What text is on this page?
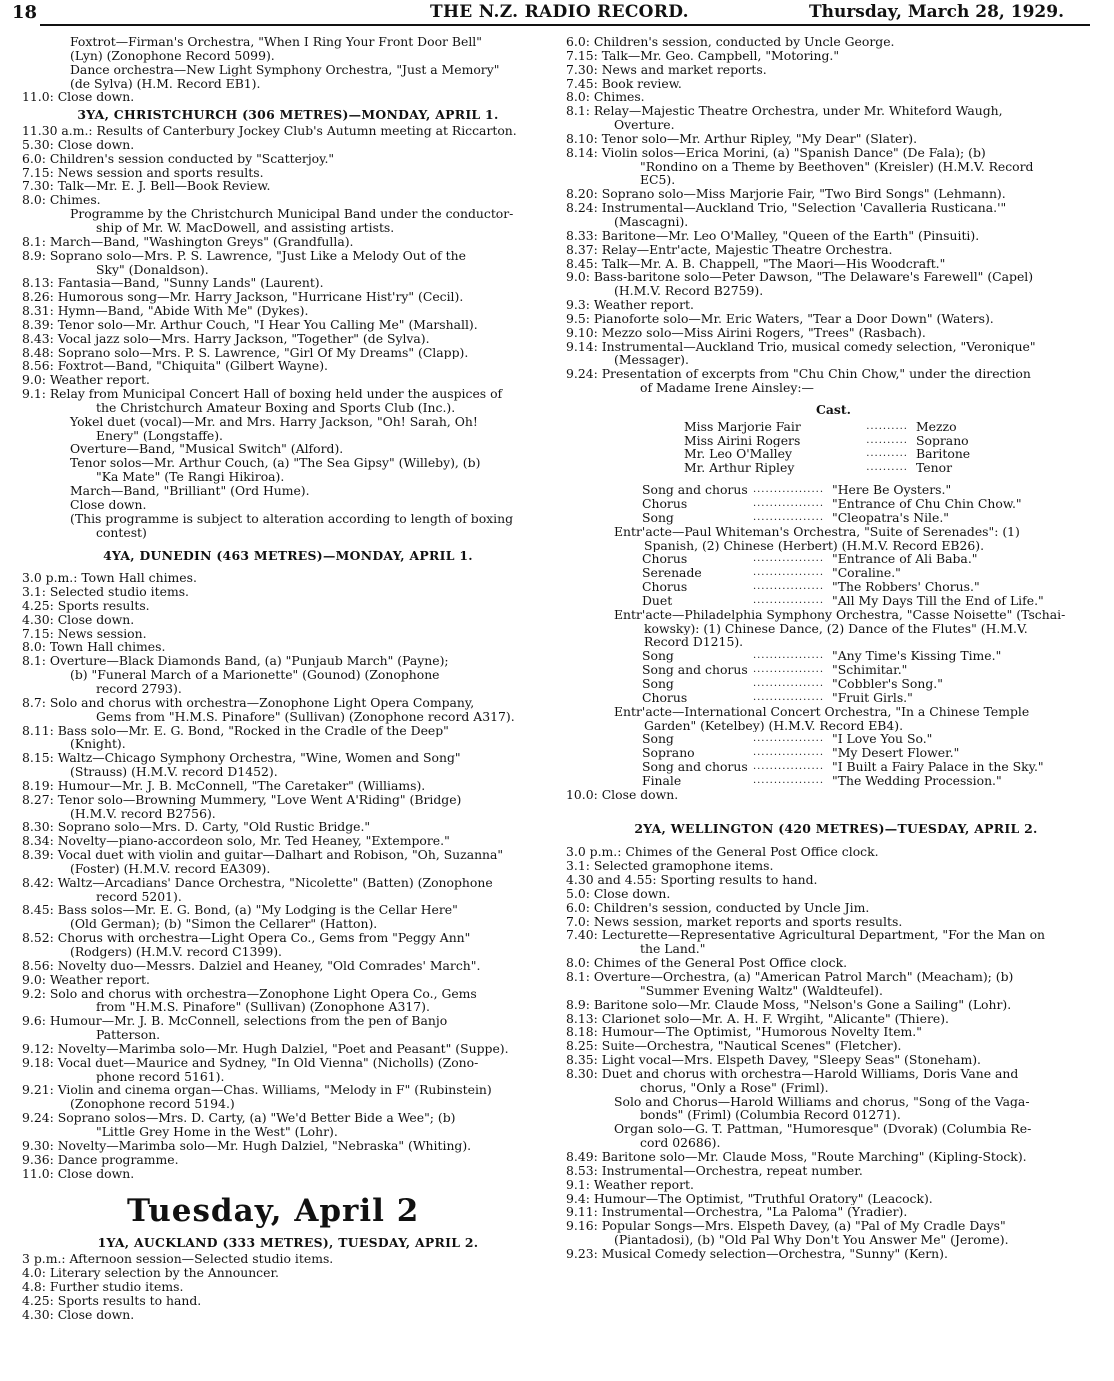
18	THE N.Z. RADIO RECORD.	Thursday, March 28, 1929.
Foxtrot—Firman's Orchestra, "When I Ring Your Front Door Bell"
(Lyn) (Zonophone Record 5099).
Dance orchestra—New Light Symphony Orchestra, "Just a Memory"
(de Sylva) (H.M. Record EB1).
11.0: Close down.
3YA, CHRISTCHURCH (306 METRES)—MONDAY, APRIL 1.
11.30 a.m.: Results of Canterbury Jockey Club's Autumn meeting at Riccarton.
5.30: Close down.
6.0: Children's session conducted by "Scatterjoy."
7.15: News session and sports results.
7.30: Talk—Mr. E. J. Bell—Book Review.
8.0: Chimes.
Programme by the Christchurch Municipal Band under the conductor-
ship of Mr. W. MacDowell, and assisting artists.
8.1: March—Band, "Washington Greys" (Grandfulla).
8.9: Soprano solo—Mrs. P. S. Lawrence, "Just Like a Melody Out of the
Sky" (Donaldson).
8.13: Fantasia—Band, "Sunny Lands" (Laurent).
8.26: Humorous song—Mr. Harry Jackson, "Hurricane Hist'ry" (Cecil).
8.31: Hymn—Band, "Abide With Me" (Dykes).
8.39: Tenor solo—Mr. Arthur Couch, "I Hear You Calling Me" (Marshall).
8.43: Vocal jazz solo—Mrs. Harry Jackson, "Together" (de Sylva).
8.48: Soprano solo—Mrs. P. S. Lawrence, "Girl Of My Dreams" (Clapp).
8.56: Foxtrot—Band, "Chiquita" (Gilbert Wayne).
9.0: Weather report.
9.1: Relay from Municipal Concert Hall of boxing held under the auspices of
the Christchurch Amateur Boxing and Sports Club (Inc.).
Yokel duet (vocal)—Mr. and Mrs. Harry Jackson, "Oh! Sarah, Oh!
Enery" (Longstaffe).
Overture—Band, "Musical Switch" (Alford).
Tenor solos—Mr. Arthur Couch, (a) "The Sea Gipsy" (Willeby), (b)
"Ka Mate" (Te Rangi Hikiroa).
March—Band, "Brilliant" (Ord Hume).
Close down.
(This programme is subject to alteration according to length of boxing
contest)
4YA, DUNEDIN (463 METRES)—MONDAY, APRIL 1.
3.0 p.m.: Town Hall chimes.
3.1: Selected studio items.
4.25: Sports results.
4.30: Close down.
7.15: News session.
8.0: Town Hall chimes.
8.1: Overture—Black Diamonds Band, (a) "Punjaub March" (Payne);
(b) "Funeral March of a Marionette" (Gounod) (Zonophone
record 2793).
8.7: Solo and chorus with orchestra—Zonophone Light Opera Company,
Gems from "H.M.S. Pinafore" (Sullivan) (Zonophone record A317).
8.11: Bass solo—Mr. E. G. Bond, "Rocked in the Cradle of the Deep"
(Knight).
8.15: Waltz—Chicago Symphony Orchestra, "Wine, Women and Song"
(Strauss) (H.M.V. record D1452).
8.19: Humour—Mr. J. B. McConnell, "The Caretaker" (Williams).
8.27: Tenor solo—Browning Mummery, "Love Went A'Riding" (Bridge)
(H.M.V. record B2756).
8.30: Soprano solo—Mrs. D. Carty, "Old Rustic Bridge."
8.34: Novelty—piano-accordeon solo, Mr. Ted Heaney, "Extempore."
8.39: Vocal duet with violin and guitar—Dalhart and Robison, "Oh, Suzanna"
(Foster) (H.M.V. record EA309).
8.42: Waltz—Arcadians' Dance Orchestra, "Nicolette" (Batten) (Zonophone
record 5201).
8.45: Bass solos—Mr. E. G. Bond, (a) "My Lodging is the Cellar Here"
(Old German); (b) "Simon the Cellarer" (Hatton).
8.52: Chorus with orchestra—Light Opera Co., Gems from "Peggy Ann"
(Rodgers) (H.M.V. record C1399).
8.56: Novelty duo—Messrs. Dalziel and Heaney, "Old Comrades' March".
9.0: Weather report.
9.2: Solo and chorus with orchestra—Zonophone Light Opera Co., Gems
from "H.M.S. Pinafore" (Sullivan) (Zonophone A317).
9.6: Humour—Mr. J. B. McConnell, selections from the pen of Banjo
Patterson.
9.12: Novelty—Marimba solo—Mr. Hugh Dalziel, "Poet and Peasant" (Suppe).
9.18: Vocal duet—Maurice and Sydney, "In Old Vienna" (Nicholls) (Zono-
phone record 5161).
9.21: Violin and cinema organ—Chas. Williams, "Melody in F" (Rubinstein)
(Zonophone record 5194.)
9.24: Soprano solos—Mrs. D. Carty, (a) "We'd Better Bide a Wee"; (b)
"Little Grey Home in the West" (Lohr).
9.30: Novelty—Marimba solo—Mr. Hugh Dalziel, "Nebraska" (Whiting).
9.36: Dance programme.
11.0: Close down.
Tuesday, April 2
1YA, AUCKLAND (333 METRES), TUESDAY, APRIL 2.
3 p.m.: Afternoon session—Selected studio items.
4.0: Literary selection by the Announcer.
4.8: Further studio items.
4.25: Sports results to hand.
4.30: Close down.
6.0: Children's session, conducted by Uncle George.
7.15: Talk—Mr. Geo. Campbell, "Motoring."
7.30: News and market reports.
7.45: Book review.
8.0: Chimes.
8.1: Relay—Majestic Theatre Orchestra, under Mr. Whiteford Waugh,
Overture.
8.10: Tenor solo—Mr. Arthur Ripley, "My Dear" (Slater).
8.14: Violin solos—Erica Morini, (a) "Spanish Dance" (De Fala); (b)
"Rondino on a Theme by Beethoven" (Kreisler) (H.M.V. Record
EC5).
8.20: Soprano solo—Miss Marjorie Fair, "Two Bird Songs" (Lehmann).
8.24: Instrumental—Auckland Trio, "Selection 'Cavalleria Rusticana.'"
(Mascagni).
8.33: Baritone—Mr. Leo O'Malley, "Queen of the Earth" (Pinsuiti).
8.37: Relay—Entr'acte, Majestic Theatre Orchestra.
8.45: Talk—Mr. A. B. Chappell, "The Maori—His Woodcraft."
9.0: Bass-baritone solo—Peter Dawson, "The Delaware's Farewell" (Capel)
(H.M.V. Record B2759).
9.3: Weather report.
9.5: Pianoforte solo—Mr. Eric Waters, "Tear a Door Down" (Waters).
9.10: Mezzo solo—Miss Airini Rogers, "Trees" (Rasbach).
9.14: Instrumental—Auckland Trio, musical comedy selection, "Veronique"
(Messager).
9.24: Presentation of excerpts from "Chu Chin Chow," under the direction
of Madame Irene Ainsley:—
Cast.
Miss Marjorie Fair	.......... Mezzo
Miss Airini Rogers	.......... Soprano
Mr. Leo O'Malley	.......... Baritone
Mr. Arthur Ripley	.......... Tenor
Song and chorus ................. "Here Be Oysters."
Chorus	................. "Entrance of Chu Chin Chow."
Song	................. "Cleopatra's Nile."
Entr'acte—Paul Whiteman's Orchestra, "Suite of Serenades": (1)
Spanish, (2) Chinese (Herbert) (H.M.V. Record EB26).
Chorus	................. "Entrance of Ali Baba."
Serenade	................. "Coraline."
Chorus	................. "The Robbers' Chorus."
Duet	................. "All My Days Till the End of Life."
Entr'acte—Philadelphia Symphony Orchestra, "Casse Noisette" (Tschai-
kowsky): (1) Chinese Dance, (2) Dance of the Flutes" (H.M.V.
Record D1215).
Song	................. "Any Time's Kissing Time."
Song and chorus ................. "Schimitar."
Song	................. "Cobbler's Song."
Chorus	................. "Fruit Girls."
Entr'acte—International Concert Orchestra, "In a Chinese Temple
Garden" (Ketelbey) (H.M.V. Record EB4).
Song	................. "I Love You So."
Soprano	................. "My Desert Flower."
Song and chorus ................. "I Built a Fairy Palace in the Sky."
Finale	................. "The Wedding Procession."
10.0: Close down.
2YA, WELLINGTON (420 METRES)—TUESDAY, APRIL 2.
3.0 p.m.: Chimes of the General Post Office clock.
3.1: Selected gramophone items.
4.30 and 4.55: Sporting results to hand.
5.0: Close down.
6.0: Children's session, conducted by Uncle Jim.
7.0: News session, market reports and sports results.
7.40: Lecturette—Representative Agricultural Department, "For the Man on
the Land."
8.0: Chimes of the General Post Office clock.
8.1: Overture—Orchestra, (a) "American Patrol March" (Meacham); (b)
"Summer Evening Waltz" (Waldteufel).
8.9: Baritone solo—Mr. Claude Moss, "Nelson's Gone a Sailing" (Lohr).
8.13: Clarionet solo—Mr. A. H. F. Wrgiht, "Alicante" (Thiere).
8.18: Humour—The Optimist, "Humorous Novelty Item."
8.25: Suite—Orchestra, "Nautical Scenes" (Fletcher).
8.35: Light vocal—Mrs. Elspeth Davey, "Sleepy Seas" (Stoneham).
8.30: Duet and chorus with orchestra—Harold Williams, Doris Vane and
chorus, "Only a Rose" (Friml).
Solo and Chorus—Harold Williams and chorus, "Song of the Vaga-
bonds" (Friml) (Columbia Record 01271).
Organ solo—G. T. Pattman, "Humoresque" (Dvorak) (Columbia Re-
cord 02686).
8.49: Baritone solo—Mr. Claude Moss, "Route Marching" (Kipling-Stock).
8.53: Instrumental—Orchestra, repeat number.
9.1: Weather report.
9.4: Humour—The Optimist, "Truthful Oratory" (Leacock).
9.11: Instrumental—Orchestra, "La Paloma" (Yradier).
9.16: Popular Songs—Mrs. Elspeth Davey, (a) "Pal of My Cradle Days"
(Piantadosi), (b) "Old Pal Why Don't You Answer Me" (Jerome).
9.23: Musical Comedy selection—Orchestra, "Sunny" (Kern).
